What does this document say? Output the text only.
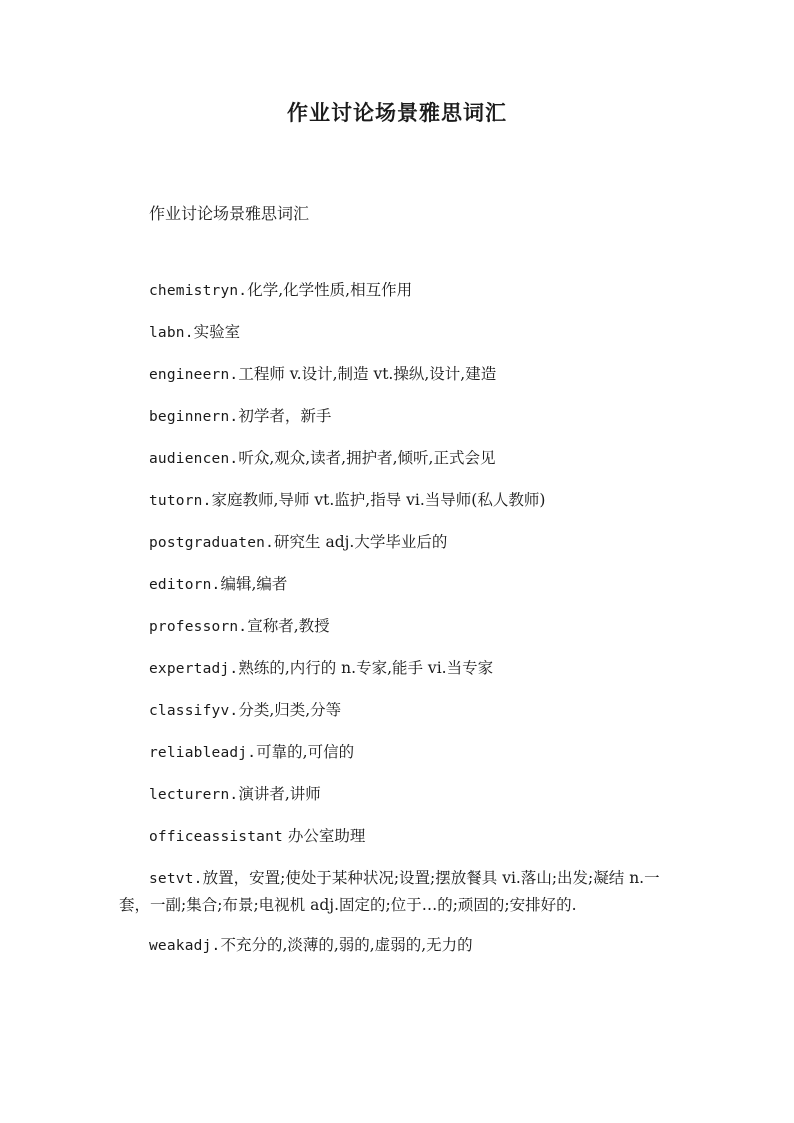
作业讨论场景雅思词汇

作业讨论场景雅思词汇

chemistryn.化学,化学性质,相互作用
labn.实验室
engineern.工程师 v.设计,制造 vt.操纵,设计,建造
beginnern.初学者，新手
audiencen.听众,观众,读者,拥护者,倾听,正式会见
tutorn.家庭教师,导师 vt.监护,指导 vi.当导师(私人教师)
postgraduaten.研究生 adj.大学毕业后的
editorn.编辑,编者
professorn.宣称者,教授
expertadj.熟练的,内行的 n.专家,能手 vi.当专家
classifyv.分类,归类,分等
reliableadj.可靠的,可信的
lecturern.演讲者,讲师
officeassistant 办公室助理
setvt.放置，安置;使处于某种状况;设置;摆放餐具 vi.落山;出发;凝结 n.一套，一副;集合;布景;电视机 adj.固定的;位于…的;顽固的;安排好的.
weakadj.不充分的,淡薄的,弱的,虚弱的,无力的
